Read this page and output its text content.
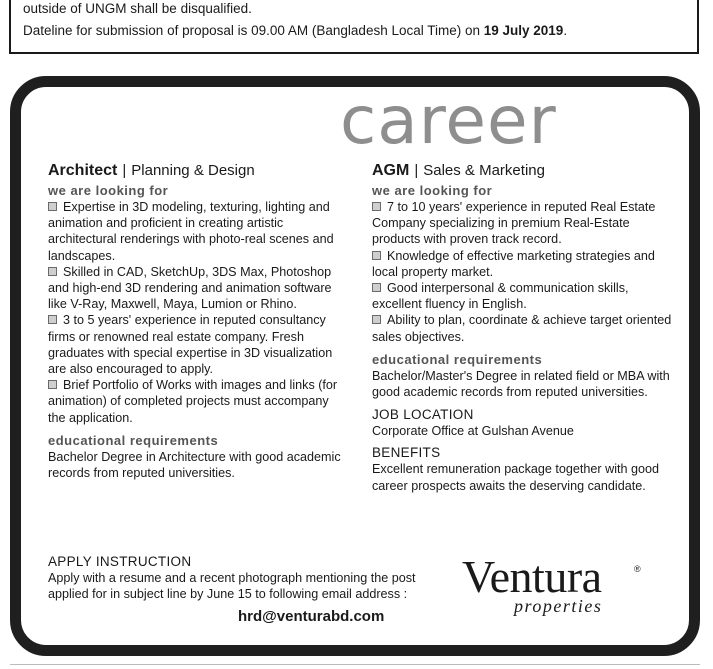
outside of UNGM shall be disqualified.
Dateline for submission of proposal is 09.00 AM (Bangladesh Local Time) on 19 July 2019.
career
Architect | Planning & Design
we are looking for
Expertise in 3D modeling, texturing, lighting and animation and proficient in creating artistic architectural renderings with photo-real scenes and landscapes.
Skilled in CAD, SketchUp, 3DS Max, Photoshop and high-end 3D rendering and animation software like V-Ray, Maxwell, Maya, Lumion or Rhino.
3 to 5 years' experience in reputed consultancy firms or renowned real estate company. Fresh graduates with special expertise in 3D visualization are also encouraged to apply.
Brief Portfolio of Works with images and links (for animation) of completed projects must accompany the application.
educational requirements
Bachelor Degree in Architecture with good academic records from reputed universities.
AGM | Sales & Marketing
we are looking for
7 to 10 years' experience in reputed Real Estate Company specializing in premium Real-Estate products with proven track record.
Knowledge of effective marketing strategies and local property market.
Good interpersonal & communication skills, excellent fluency in English.
Ability to plan, coordinate & achieve target oriented sales objectives.
educational requirements
Bachelor/Master's Degree in related field or MBA with good academic records from reputed universities.
JOB LOCATION
Corporate Office at Gulshan Avenue
BENEFITS
Excellent remuneration package together with good career prospects awaits the deserving candidate.
APPLY INSTRUCTION
Apply with a resume and a recent photograph mentioning the post applied for in subject line by June 15 to following email address :
hrd@venturabd.com
Ventura	®
properties
